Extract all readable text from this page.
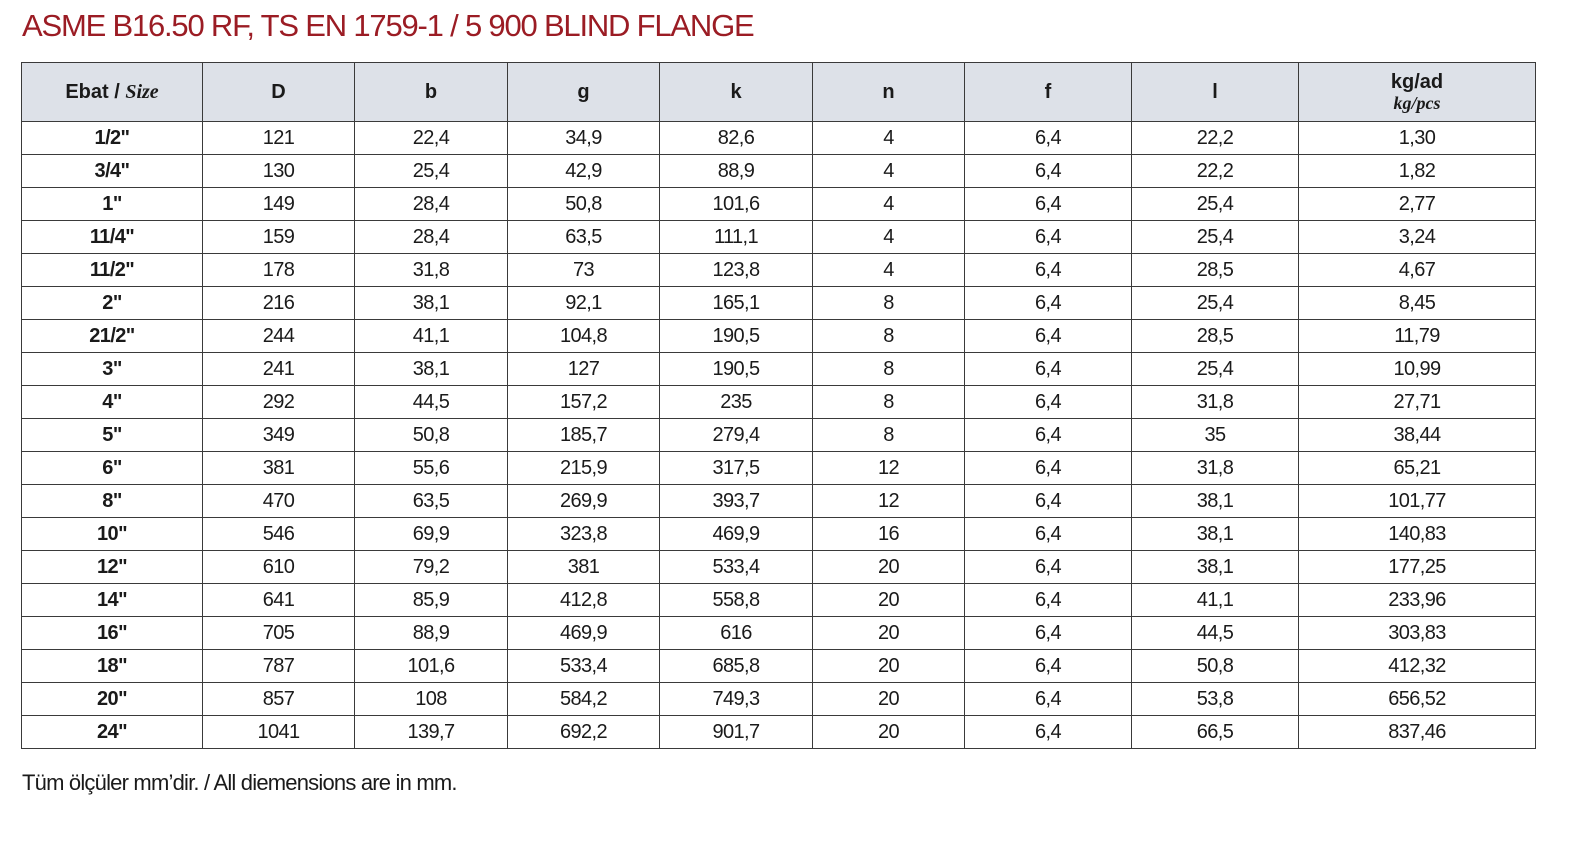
ASME B16.50 RF, TS EN 1759-1 / 5 900 BLIND FLANGE
Ebat / Size	D	b	g	k	n	f	l	kg/ad
kg/pcs

1/2"	121	22,4	34,9	82,6	4	6,4	22,2	1,30
3/4"	130	25,4	42,9	88,9	4	6,4	22,2	1,82
1"	149	28,4	50,8	101,6	4	6,4	25,4	2,77
11/4"	159	28,4	63,5	111,1	4	6,4	25,4	3,24
11/2"	178	31,8	73	123,8	4	6,4	28,5	4,67
2"	216	38,1	92,1	165,1	8	6,4	25,4	8,45
21/2"	244	41,1	104,8	190,5	8	6,4	28,5	11,79
3"	241	38,1	127	190,5	8	6,4	25,4	10,99
4"	292	44,5	157,2	235	8	6,4	31,8	27,71
5"	349	50,8	185,7	279,4	8	6,4	35	38,44
6"	381	55,6	215,9	317,5	12	6,4	31,8	65,21
8"	470	63,5	269,9	393,7	12	6,4	38,1	101,77
10"	546	69,9	323,8	469,9	16	6,4	38,1	140,83
12"	610	79,2	381	533,4	20	6,4	38,1	177,25
14"	641	85,9	412,8	558,8	20	6,4	41,1	233,96
16"	705	88,9	469,9	616	20	6,4	44,5	303,83
18"	787	101,6	533,4	685,8	20	6,4	50,8	412,32
20"	857	108	584,2	749,3	20	6,4	53,8	656,52
24"	1041	139,7	692,2	901,7	20	6,4	66,5	837,46
Tüm ölçüler mm’dir. / All diemensions are in mm.
